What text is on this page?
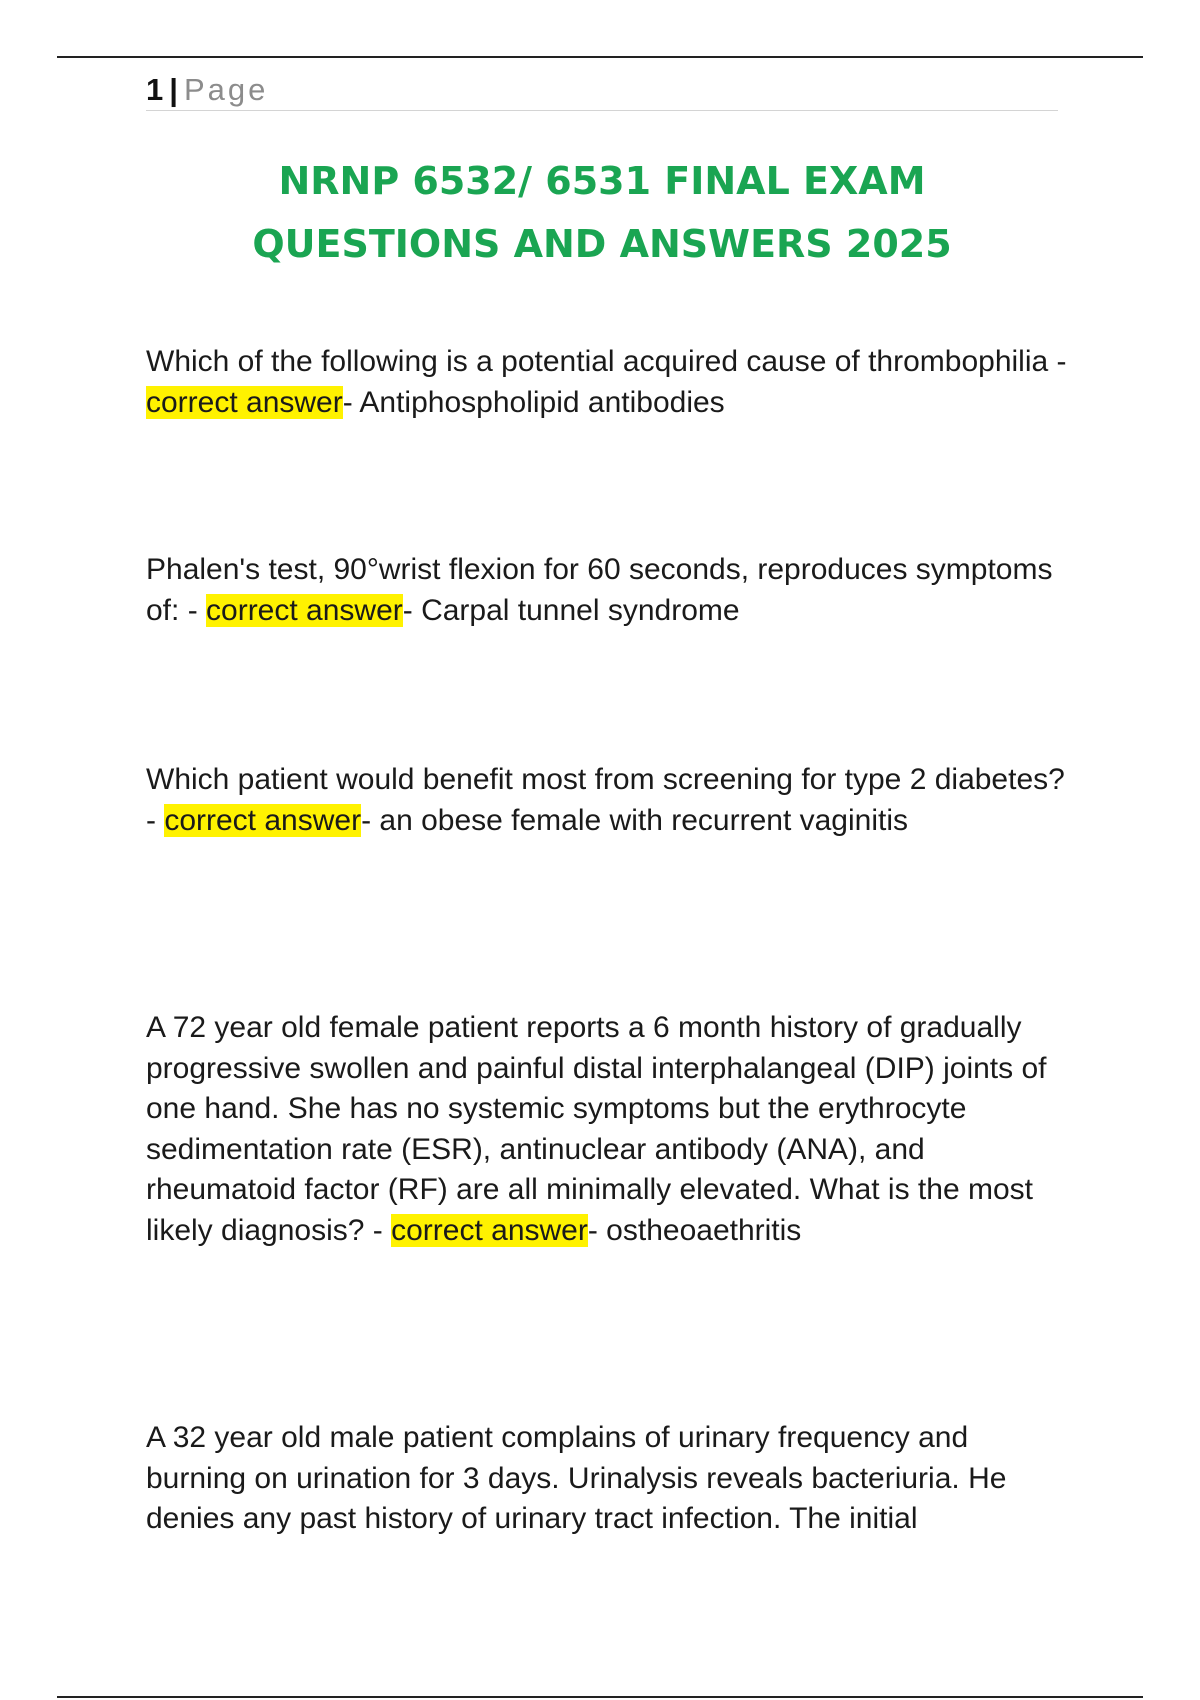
1 | Page
NRNP 6532/ 6531 FINAL EXAM
QUESTIONS AND ANSWERS 2025

Which of the following is a potential acquired cause of thrombophilia - correct answer- Antiphospholipid antibodies

Phalen's test, 90°wrist flexion for 60 seconds, reproduces symptoms of: - correct answer- Carpal tunnel syndrome

Which patient would benefit most from screening for type 2 diabetes? - correct answer- an obese female with recurrent vaginitis

A 72 year old female patient reports a 6 month history of gradually progressive swollen and painful distal interphalangeal (DIP) joints of one hand. She has no systemic symptoms but the erythrocyte sedimentation rate (ESR), antinuclear antibody (ANA), and rheumatoid factor (RF) are all minimally elevated. What is the most likely diagnosis? - correct answer- ostheoaethritis

A 32 year old male patient complains of urinary frequency and burning on urination for 3 days. Urinalysis reveals bacteriuria. He denies any past history of urinary tract infection. The initial
